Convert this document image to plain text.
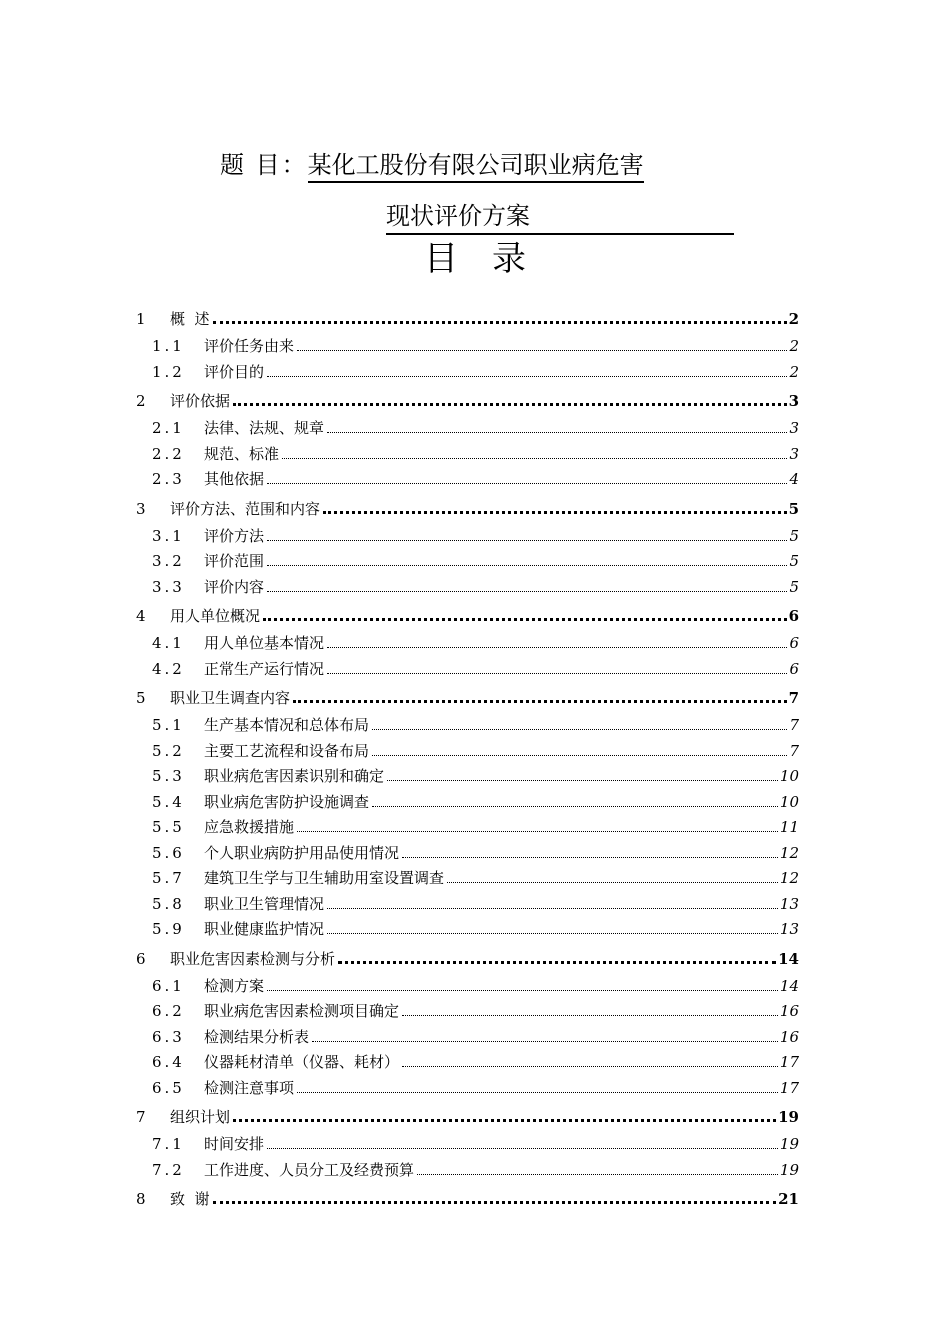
题 目：某化工股份有限公司职业病危害
现状评价方案
目录
1	概  述	2
1.1	评价任务由来	2
1.2	评价目的	2
2	评价依据	3
2.1	法律、法规、规章	3
2.2	规范、标准	3
2.3	其他依据	4
3	评价方法、范围和内容	5
3.1	评价方法	5
3.2	评价范围	5
3.3	评价内容	5
4	用人单位概况	6
4.1	用人单位基本情况	6
4.2	正常生产运行情况	6
5	职业卫生调查内容	7
5.1	生产基本情况和总体布局	7
5.2	主要工艺流程和设备布局	7
5.3	职业病危害因素识别和确定	10
5.4	职业病危害防护设施调查	10
5.5	应急救援措施	11
5.6	个人职业病防护用品使用情况	12
5.7	建筑卫生学与卫生辅助用室设置调查	12
5.8	职业卫生管理情况	13
5.9	职业健康监护情况	13
6	职业危害因素检测与分析	14
6.1	检测方案	14
6.2	职业病危害因素检测项目确定	16
6.3	检测结果分析表	16
6.4	仪器耗材清单（仪器、耗材）	17
6.5	检测注意事项	17
7	组织计划	19
7.1	时间安排	19
7.2	工作进度、人员分工及经费预算	19
8	致  谢	21
